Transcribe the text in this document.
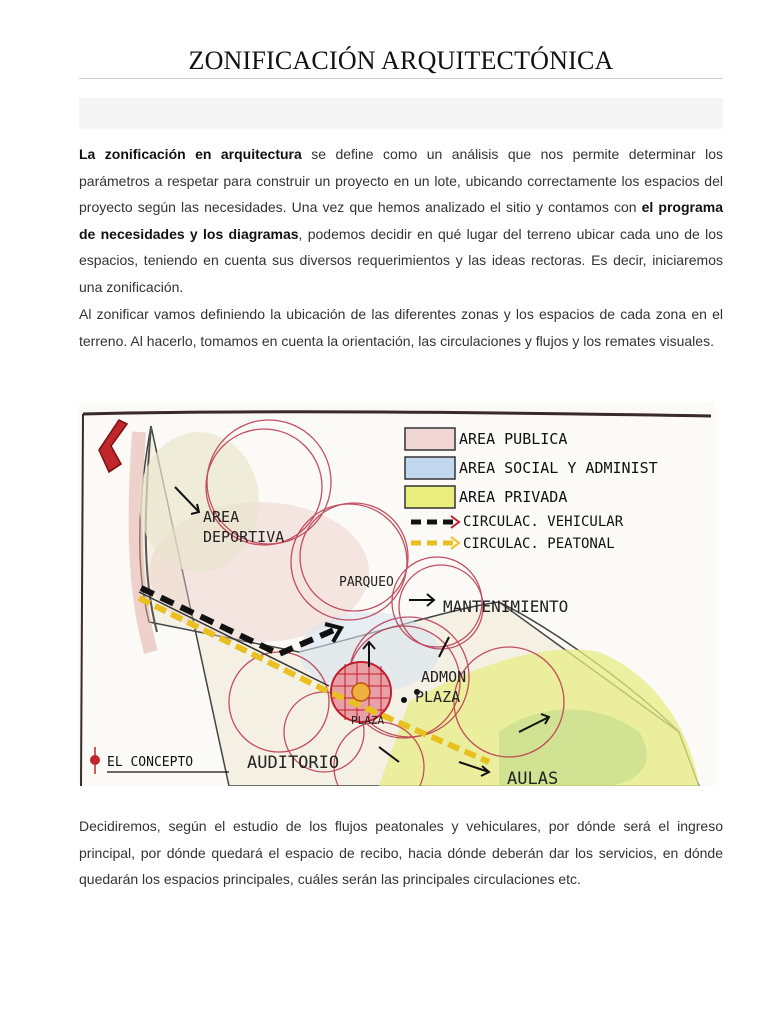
ZONIFICACIÓN ARQUITECTÓNICA
La zonificación en arquitectura se define como un análisis que nos permite determinar los parámetros a respetar para construir un proyecto en un lote, ubicando correctamente los espacios del proyecto según las necesidades. Una vez que hemos analizado el sitio y contamos con el programa de necesidades y los diagramas, podemos decidir en qué lugar del terreno ubicar cada uno de los espacios, teniendo en cuenta sus diversos requerimientos y las ideas rectoras. Es decir, iniciaremos una zonificación.
Al zonificar vamos definiendo la ubicación de las diferentes zonas y los espacios de cada zona en el terreno. Al hacerlo, tomamos en cuenta la orientación, las circulaciones y flujos y los remates visuales.
AREA PUBLICA
AREA SOCIAL Y ADMINIST
AREA PRIVADA
CIRCULAC. VEHICULAR
CIRCULAC. PEATONAL
AREA
DEPORTIVA
PARQUEO
MANTENIMIENTO
ADMON
PLAZA
PLAZA
AUDITORIO
AULAS
EL CONCEPTO
Decidiremos, según el estudio de los flujos peatonales y vehiculares, por dónde será el ingreso principal, por dónde quedará el espacio de recibo, hacia dónde deberán dar los servicios, en dónde quedarán los espacios principales, cuáles serán las principales circulaciones etc.
